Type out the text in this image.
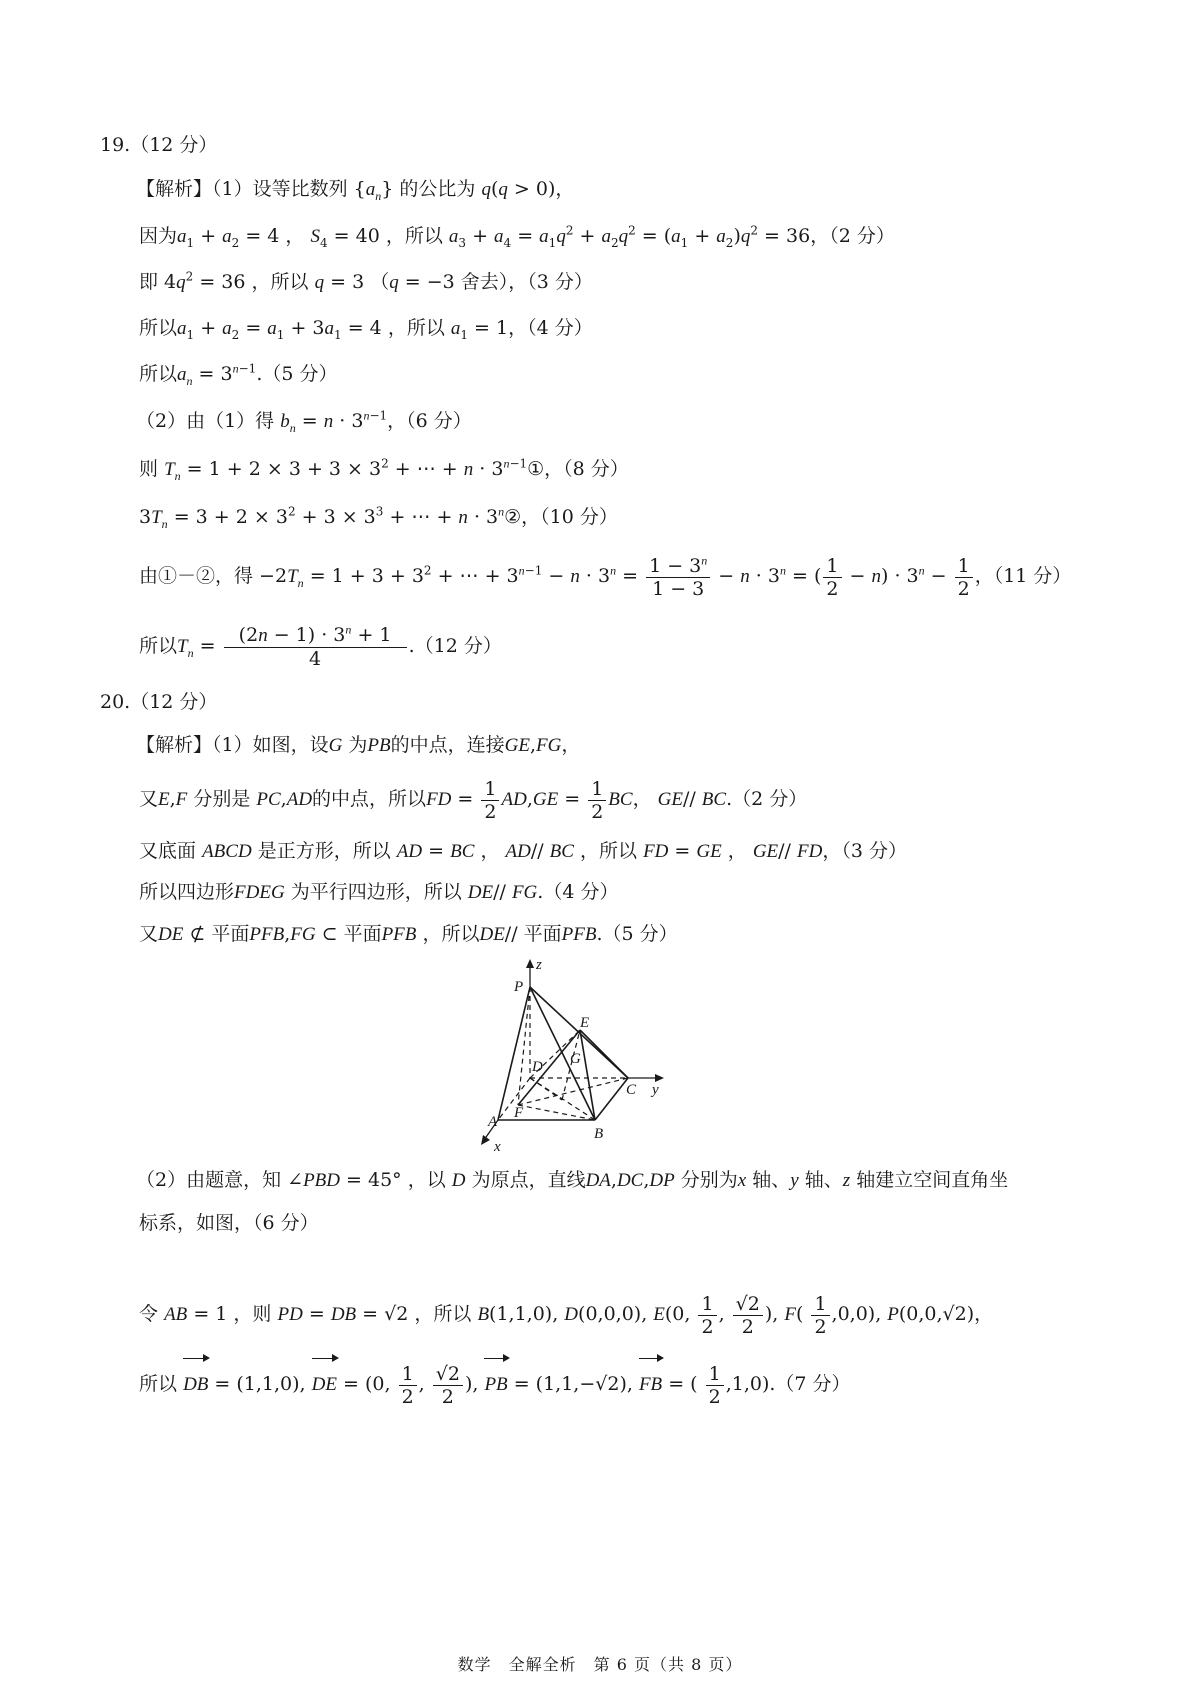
19.（12 分）
【解析】（1）设等比数列 $\{a_n\}$ 的公比为 q(q > 0)，
因为$a_1 + a_2 = 4$ ， $S_4 = 40$ ，所以 $a_3 + a_4 = a_1q^2 + a_2q^2 = (a_1 + a_2)q^2 = 36$，（2 分）
即 $4q^2 = 36$ ，所以 q = 3 （q = −3 舍去），（3 分）
所以$a_1 + a_2 = a_1 + 3a_1 = 4$ ，所以 $a_1 = 1$，（4 分）
所以$a_n = 3^{n-1}.(5$ 分）
（2）由（1）得 $b_n = n \cdot 3^{n-1}$，（6 分）
则 $T_n = 1 + 2 \times 3 + 3 \times 3^2$ + ⋯ + $n \cdot 3^{n-1}①$，（8 分）
$3T_n = 3 + 2 \times 3^2 + 3 \times 3^3$ + ⋯ + $n \cdot 3^n②$，（10 分）
由①－②，得 $-2T_n = 1 + 3 + 3^2$ + ⋯ + $3^{n-1} - n \cdot 3^n = \frac{1 - 3^n}{1 - 3} - n \cdot 3^n$ = ( $\frac{1}{2} - n) \cdot 3^n - \frac{1}{2}$ ，（11 分）
所以$T_n = \frac{(2n - 1) \cdot 3^n + 1}{4} .(12$ 分）
20.（12 分）
【解析】（1）如图，设G 为PB的中点，连接GE,FG，
又E,F 分别是 PC,AD的中点，所以FD = $\frac{1}{2} AD,GE = \frac{1}{2}$ BC， GE// BC.（2 分）
又底面 ABCD 是正方形，所以 AD = BC ， AD// BC ，所以 FD = GE ， GE// FD，（3 分）
所以四边形FDEG 为平行四边形，所以 DE// FG.（4 分）
又DE ⊄ 平面PFB,FG ⊂ 平面PFB ，所以DE// 平面PFB.（5 分）
z
P
E
G
D
C y
A
F
B
x
（2）由题意，知 ∠PBD = 45° ，以 D 为原点，直线DA,DC,DP 分别为x 轴、y 轴、z 轴建立空间直角坐
标系，如图，（6 分）
令 AB = 1 ，则 PD = DB = √2 ，所以 B(1,1,0), D(0,0,0), E(0, $\frac{1}{2}$ , $\frac{√2}{2}$ ), $F( \frac{1}{2} ,0,0)$, P(0,0,√2)，
所以 DB = (1,1,0), DE = (0, $\frac{1}{2}$ , $\frac{√2}{2}$ ), PB = (1,1,−√2), FB = ( $\frac{1}{2} ,1,0).(7$ 分）
数学　全解全析　第 6 页（共 8 页）
